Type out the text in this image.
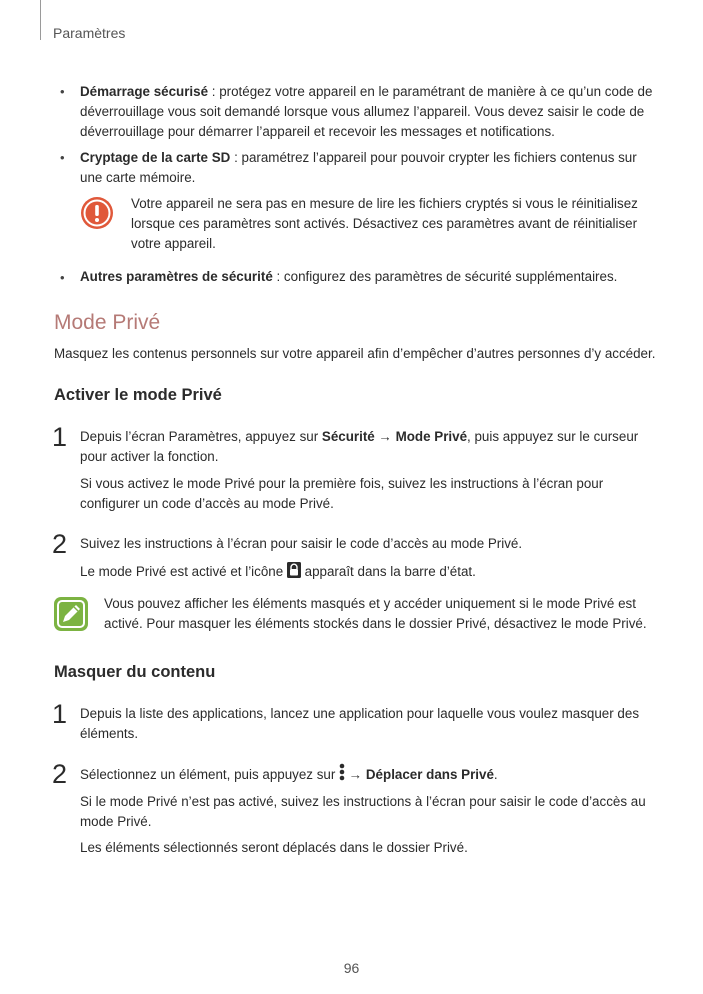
Paramètres
• Démarrage sécurisé : protégez votre appareil en le paramétrant de manière à ce qu’un code de
déverrouillage vous soit demandé lorsque vous allumez l’appareil. Vous devez saisir le code de
déverrouillage pour démarrer l’appareil et recevoir les messages et notifications.
• Cryptage de la carte SD : paramétrez l’appareil pour pouvoir crypter les fichiers contenus sur
une carte mémoire.
Votre appareil ne sera pas en mesure de lire les fichiers cryptés si vous le réinitialisez
lorsque ces paramètres sont activés. Désactivez ces paramètres avant de réinitialiser
votre appareil.
• Autres paramètres de sécurité : configurez des paramètres de sécurité supplémentaires.
Mode Privé
Masquez les contenus personnels sur votre appareil afin d’empêcher d’autres personnes d’y accéder.
Activer le mode Privé
1 Depuis l’écran Paramètres, appuyez sur Sécurité → Mode Privé, puis appuyez sur le curseur
pour activer la fonction.
Si vous activez le mode Privé pour la première fois, suivez les instructions à l’écran pour
configurer un code d’accès au mode Privé.
2 Suivez les instructions à l’écran pour saisir le code d’accès au mode Privé.
Le mode Privé est activé et l’icône  apparaît dans la barre d’état.
Vous pouvez afficher les éléments masqués et y accéder uniquement si le mode Privé est
activé. Pour masquer les éléments stockés dans le dossier Privé, désactivez le mode Privé.
Masquer du contenu
1 Depuis la liste des applications, lancez une application pour laquelle vous voulez masquer des
éléments.
2 Sélectionnez un élément, puis appuyez sur  → Déplacer dans Privé.
Si le mode Privé n’est pas activé, suivez les instructions à l’écran pour saisir le code d’accès au
mode Privé.
Les éléments sélectionnés seront déplacés dans le dossier Privé.
96
